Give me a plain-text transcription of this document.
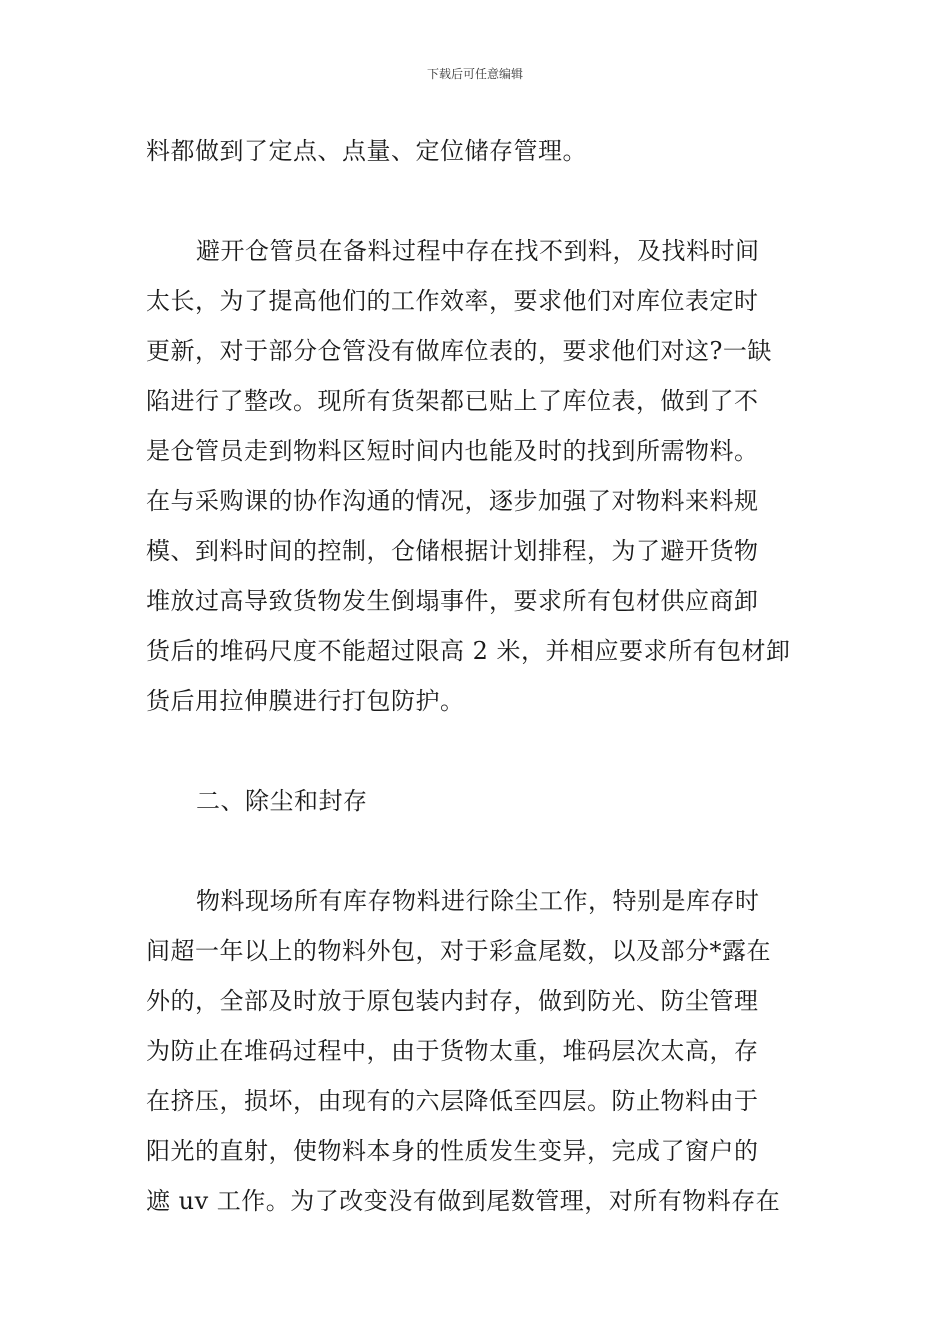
下载后可任意编辑
料都做到了定点、点量、定位储存管理。
避开仓管员在备料过程中存在找不到料，及找料时间
太长，为了提高他们的工作效率，要求他们对库位表定时
更新，对于部分仓管没有做库位表的，要求他们对这?一缺
陷进行了整改。现所有货架都已贴上了库位表，做到了不
是仓管员走到物料区短时间内也能及时的找到所需物料。
在与采购课的协作沟通的情况，逐步加强了对物料来料规
模、到料时间的控制，仓储根据计划排程，为了避开货物
堆放过高导致货物发生倒塌事件，要求所有包材供应商卸
货后的堆码尺度不能超过限高 2 米，并相应要求所有包材卸
货后用拉伸膜进行打包防护。
二、除尘和封存
物料现场所有库存物料进行除尘工作，特别是库存时
间超一年以上的物料外包，对于彩盒尾数，以及部分*露在
外的，全部及时放于原包装内封存，做到防光、防尘管理
为防止在堆码过程中，由于货物太重，堆码层次太高，存
在挤压，损坏，由现有的六层降低至四层。防止物料由于
阳光的直射，使物料本身的性质发生变异，完成了窗户的
遮 uv 工作。为了改变没有做到尾数管理，对所有物料存在
